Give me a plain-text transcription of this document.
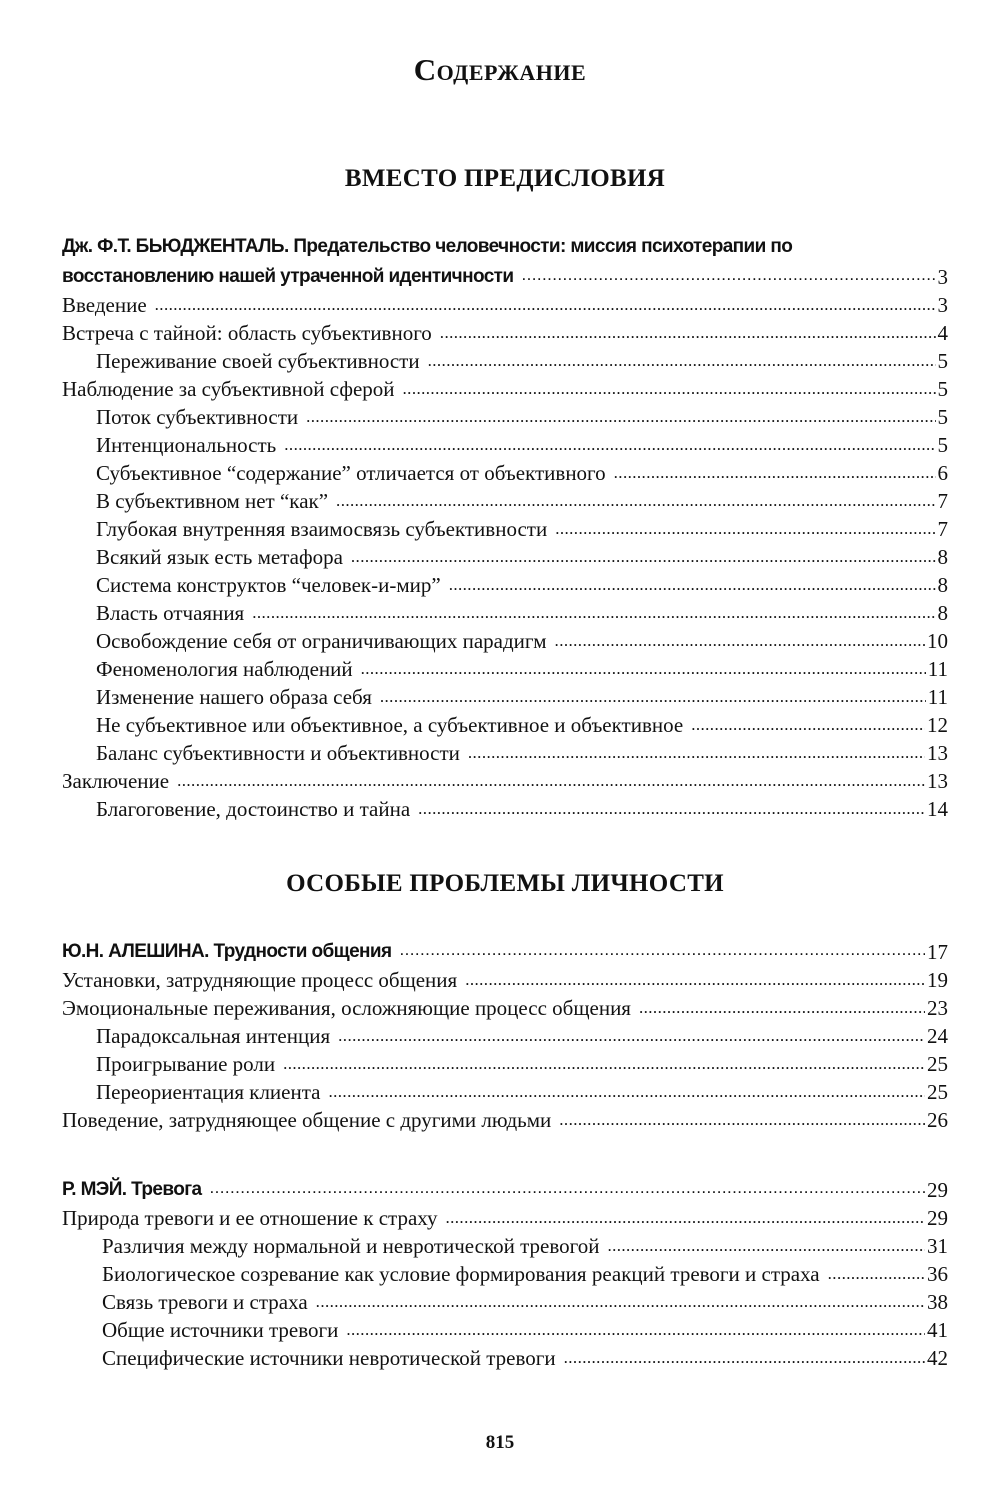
Содержание
ВМЕСТО ПРЕДИСЛОВИЯ
Дж. Ф.Т. БЬЮДЖЕНТАЛЬ. Предательство человечности: миссия психотерапии по восстановлению нашей утраченной идентичности .....	3
Введение .....	3
Встреча с тайной: область субъективного .....	4
Переживание своей субъективности .....	5
Наблюдение за субъективной сферой .....	5
Поток субъективности .....	5
Интенциональность .....	5
Субъективное “содержание” отличается от объективного .....	6
В субъективном нет “как” .....	7
Глубокая внутренняя взаимосвязь субъективности .....	7
Всякий язык есть метафора .....	8
Система конструктов “человек-и-мир” .....	8
Власть отчаяния .....	8
Освобождение себя от ограничивающих парадигм .....	10
Феноменология наблюдений .....	11
Изменение нашего образа себя .....	11
Не субъективное или объективное, а субъективное и объективное .....	12
Баланс субъективности и объективности .....	13
Заключение .....	13
Благоговение, достоинство и тайна .....	14
ОСОБЫЕ ПРОБЛЕМЫ ЛИЧНОСТИ
Ю.Н. АЛЕШИНА. Трудности общения .....	17
Установки, затрудняющие процесс общения .....	19
Эмоциональные переживания, осложняющие процесс общения .....	23
Парадоксальная интенция .....	24
Проигрывание роли .....	25
Переориентация клиента .....	25
Поведение, затрудняющее общение с другими людьми .....	26
Р. МЭЙ. Тревога .....	29
Природа тревоги и ее отношение к страху .....	29
Различия между нормальной и невротической тревогой .....	31
Биологическое созревание как условие формирования реакций тревоги и страха .....	36
Связь тревоги и страха .....	38
Общие источники тревоги .....	41
Специфические источники невротической тревоги .....	42
815
